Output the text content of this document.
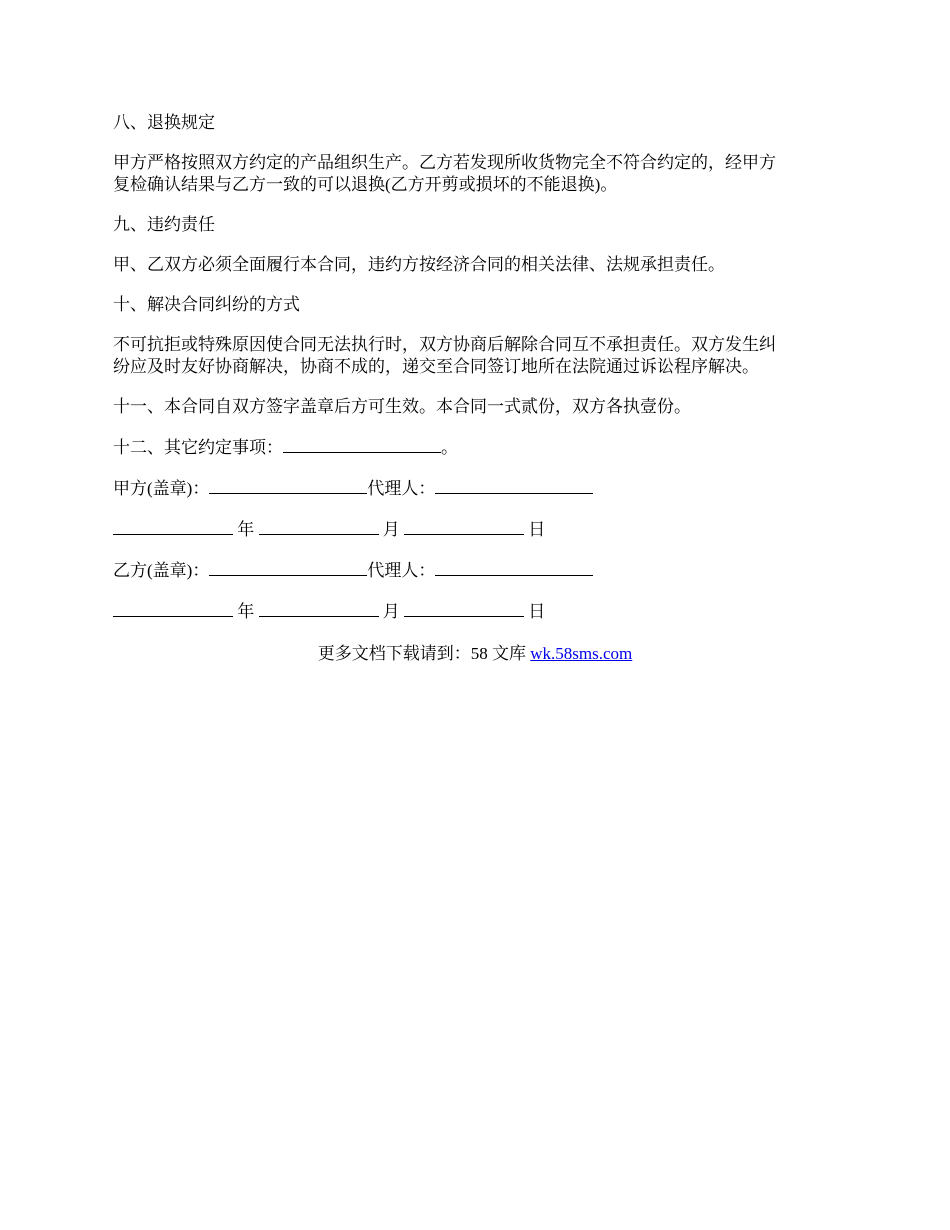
八、退换规定

甲方严格按照双方约定的产品组织生产。乙方若发现所收货物完全不符合约定的，经甲方

复检确认结果与乙方一致的可以退换(乙方开剪或损坏的不能退换)。

九、违约责任

甲、乙双方必须全面履行本合同，违约方按经济合同的相关法律、法规承担责任。

十、解决合同纠纷的方式

不可抗拒或特殊原因使合同无法执行时，双方协商后解除合同互不承担责任。双方发生纠

纷应及时友好协商解决，协商不成的，递交至合同签订地所在法院通过诉讼程序解决。

十一、本合同自双方签字盖章后方可生效。本合同一式贰份，双方各执壹份。

十二、其它约定事项：	。

甲方(盖章)：	代理人：

年	月	日

乙方(盖章)：	代理人：

年	月	日

更多文档下载请到：58 文库 wk.58sms.com
